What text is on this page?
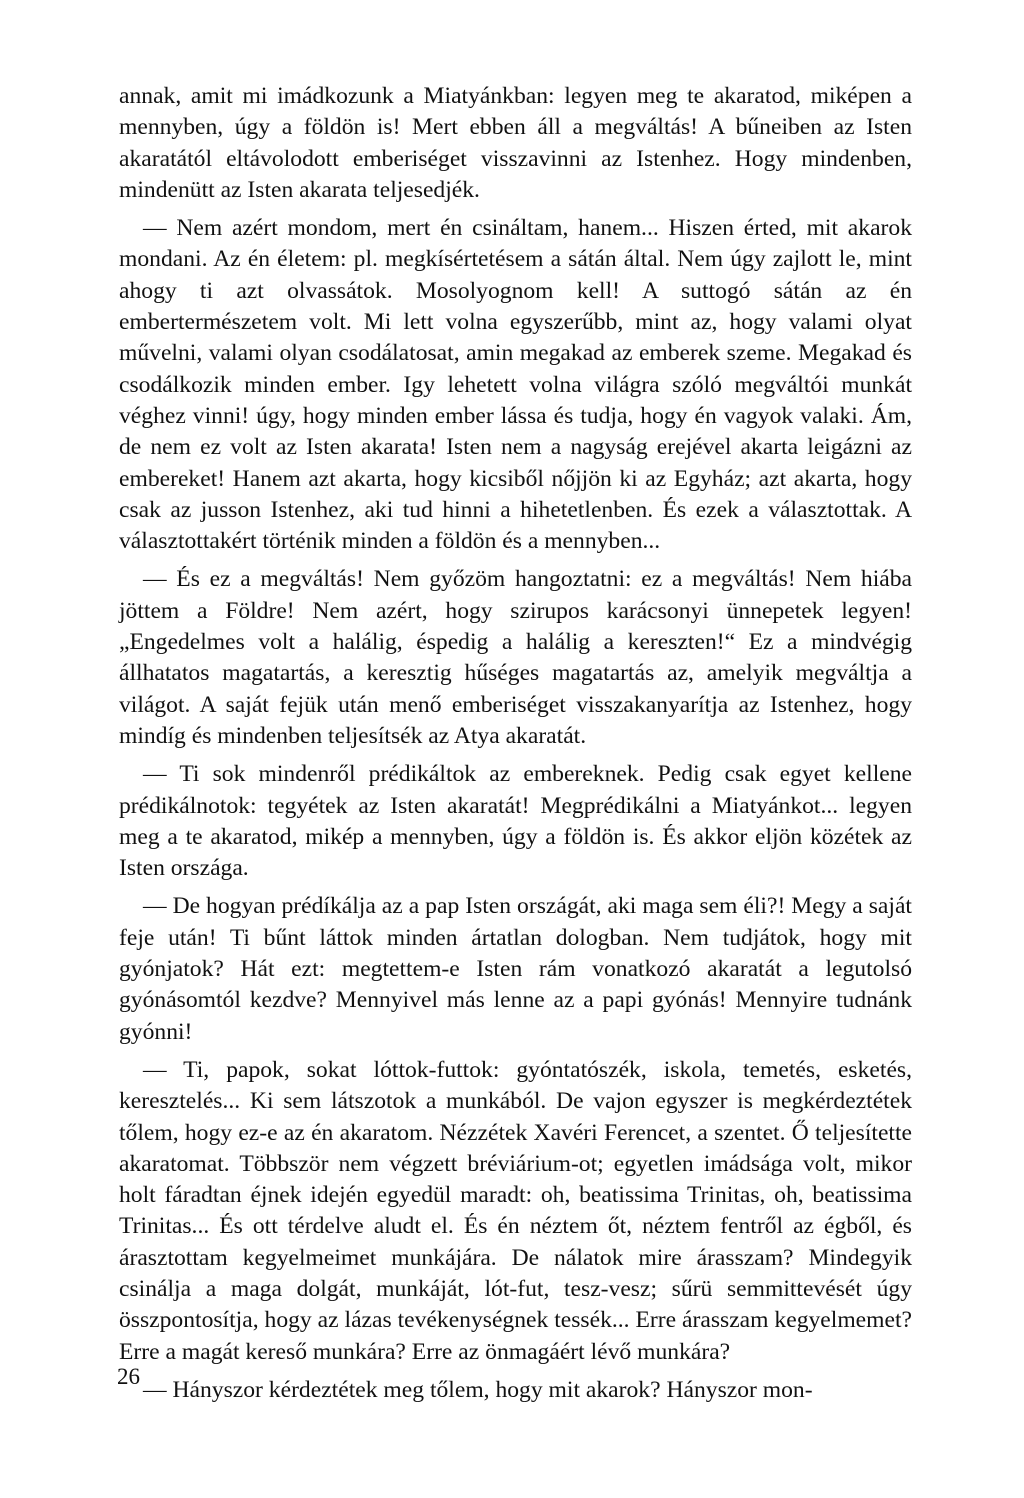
annak, amit mi imádkozunk a Miatyánkban: legyen meg te akaratod, miképen a mennyben, úgy a földön is! Mert ebben áll a megváltás! A bűneiben az Isten akaratától eltávolodott emberiséget visszavinni az Istenhez. Hogy mindenben, mindenütt az Isten akarata teljesedjék.

— Nem azért mondom, mert én csináltam, hanem... Hiszen érted, mit akarok mondani. Az én életem: pl. megkísértetésem a sátán által. Nem úgy zajlott le, mint ahogy ti azt olvassátok. Mosolyognom kell! A suttogó sátán az én embertermészetem volt. Mi lett volna egyszerűbb, mint az, hogy valami olyat művelni, valami olyan csodálatosat, amin megakad az emberek szeme. Megakad és csodálkozik minden ember. Igy lehetett volna világra szóló megváltói munkát véghez vinni! úgy, hogy minden ember lássa és tudja, hogy én vagyok valaki. Ám, de nem ez volt az Isten akarata! Isten nem a nagyság erejével akarta leigázni az embereket! Hanem azt akarta, hogy kicsiből nőjjön ki az Egyház; azt akarta, hogy csak az jusson Istenhez, aki tud hinni a hihetetlenben. És ezek a választottak. A választottakért történik minden a földön és a mennyben...

— És ez a megváltás! Nem győzöm hangoztatni: ez a megváltás! Nem hiába jöttem a Földre! Nem azért, hogy szirupos karácsonyi ünnepetek legyen! „Engedelmes volt a halálig, éspedig a halálig a kereszten!“ Ez a mindvégig állhatatos magatartás, a keresztig hűséges magatartás az, amelyik megváltja a világot. A saját fejük után menő emberiséget visszakanyarítja az Istenhez, hogy mindíg és mindenben teljesítsék az Atya akaratát.

— Ti sok mindenről prédikáltok az embereknek. Pedig csak egyet kellene prédikálnotok: tegyétek az Isten akaratát! Megprédikálni a Miatyánkot... legyen meg a te akaratod, mikép a mennyben, úgy a földön is. És akkor eljön közétek az Isten országa.

— De hogyan prédíkálja az a pap Isten országát, aki maga sem éli?! Megy a saját feje után! Ti bűnt láttok minden ártatlan dologban. Nem tudjátok, hogy mit gyónjatok? Hát ezt: megtettem-e Isten rám vonatkozó akaratát a legutolsó gyónásomtól kezdve? Mennyivel más lenne az a papi gyónás! Mennyire tudnánk gyónni!

— Ti, papok, sokat lóttok-futtok: gyóntatószék, iskola, temetés, esketés, keresztelés... Ki sem látszotok a munkából. De vajon egyszer is megkérdeztétek tőlem, hogy ez-e az én akaratom. Nézzétek Xavéri Ferencet, a szentet. Ő teljesítette akaratomat. Többször nem végzett bréviárium-ot; egyetlen imádsága volt, mikor holt fáradtan éjnek idején egyedül maradt: oh, beatissima Trinitas, oh, beatissima Trinitas... És ott térdelve aludt el. És én néztem őt, néztem fentről az égből, és árasztottam kegyelmeimet munkájára. De nálatok mire árasszam? Mindegyik csinálja a maga dolgát, munkáját, lót-fut, tesz-vesz; sűrü semmittevését úgy összpontosítja, hogy az lázas tevékenységnek tessék... Erre árasszam kegyelmemet? Erre a magát kereső munkára? Erre az önmagáért lévő munkára?

— Hányszor kérdeztétek meg tőlem, hogy mit akarok? Hányszor mon-

26
